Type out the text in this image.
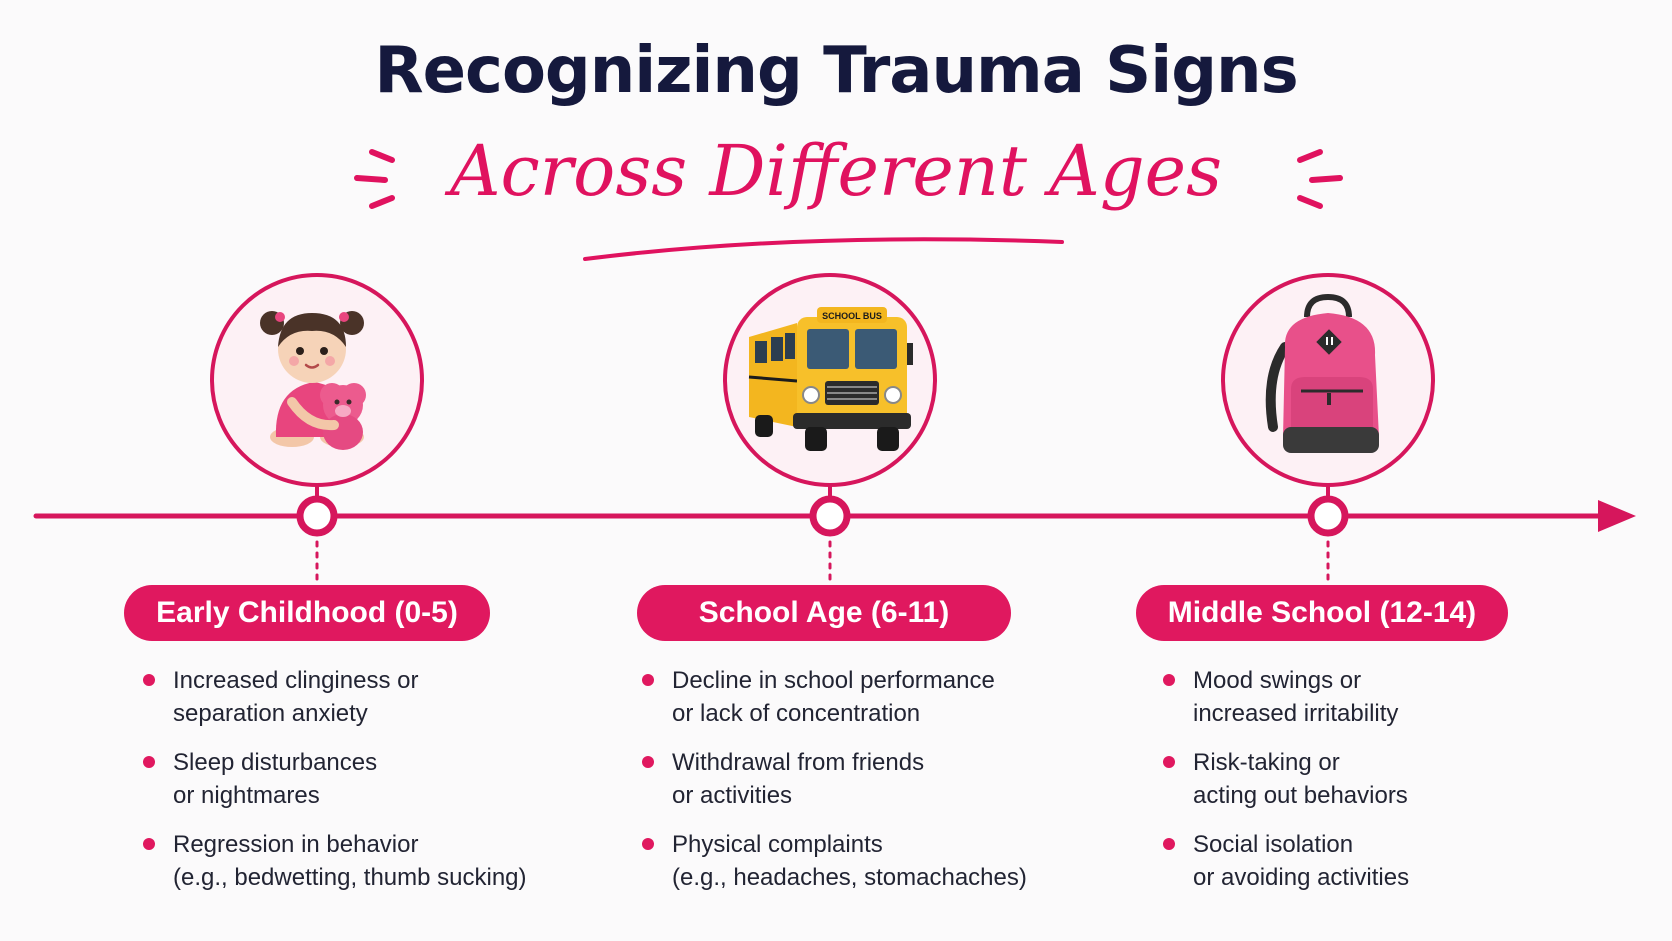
Recognizing Trauma Signs
Across Different Ages
SCHOOL BUS
Early Childhood (0-5)	School Age (6-11)	Middle School (12-14)
Increased clinginess or
separation anxiety
Sleep disturbances
or nightmares
Regression in behavior
(e.g., bedwetting, thumb sucking)
Decline in school performance
or lack of concentration
Withdrawal from friends
or activities
Physical complaints
(e.g., headaches, stomachaches)
Mood swings or
increased irritability
Risk-taking or
acting out behaviors
Social isolation
or avoiding activities
